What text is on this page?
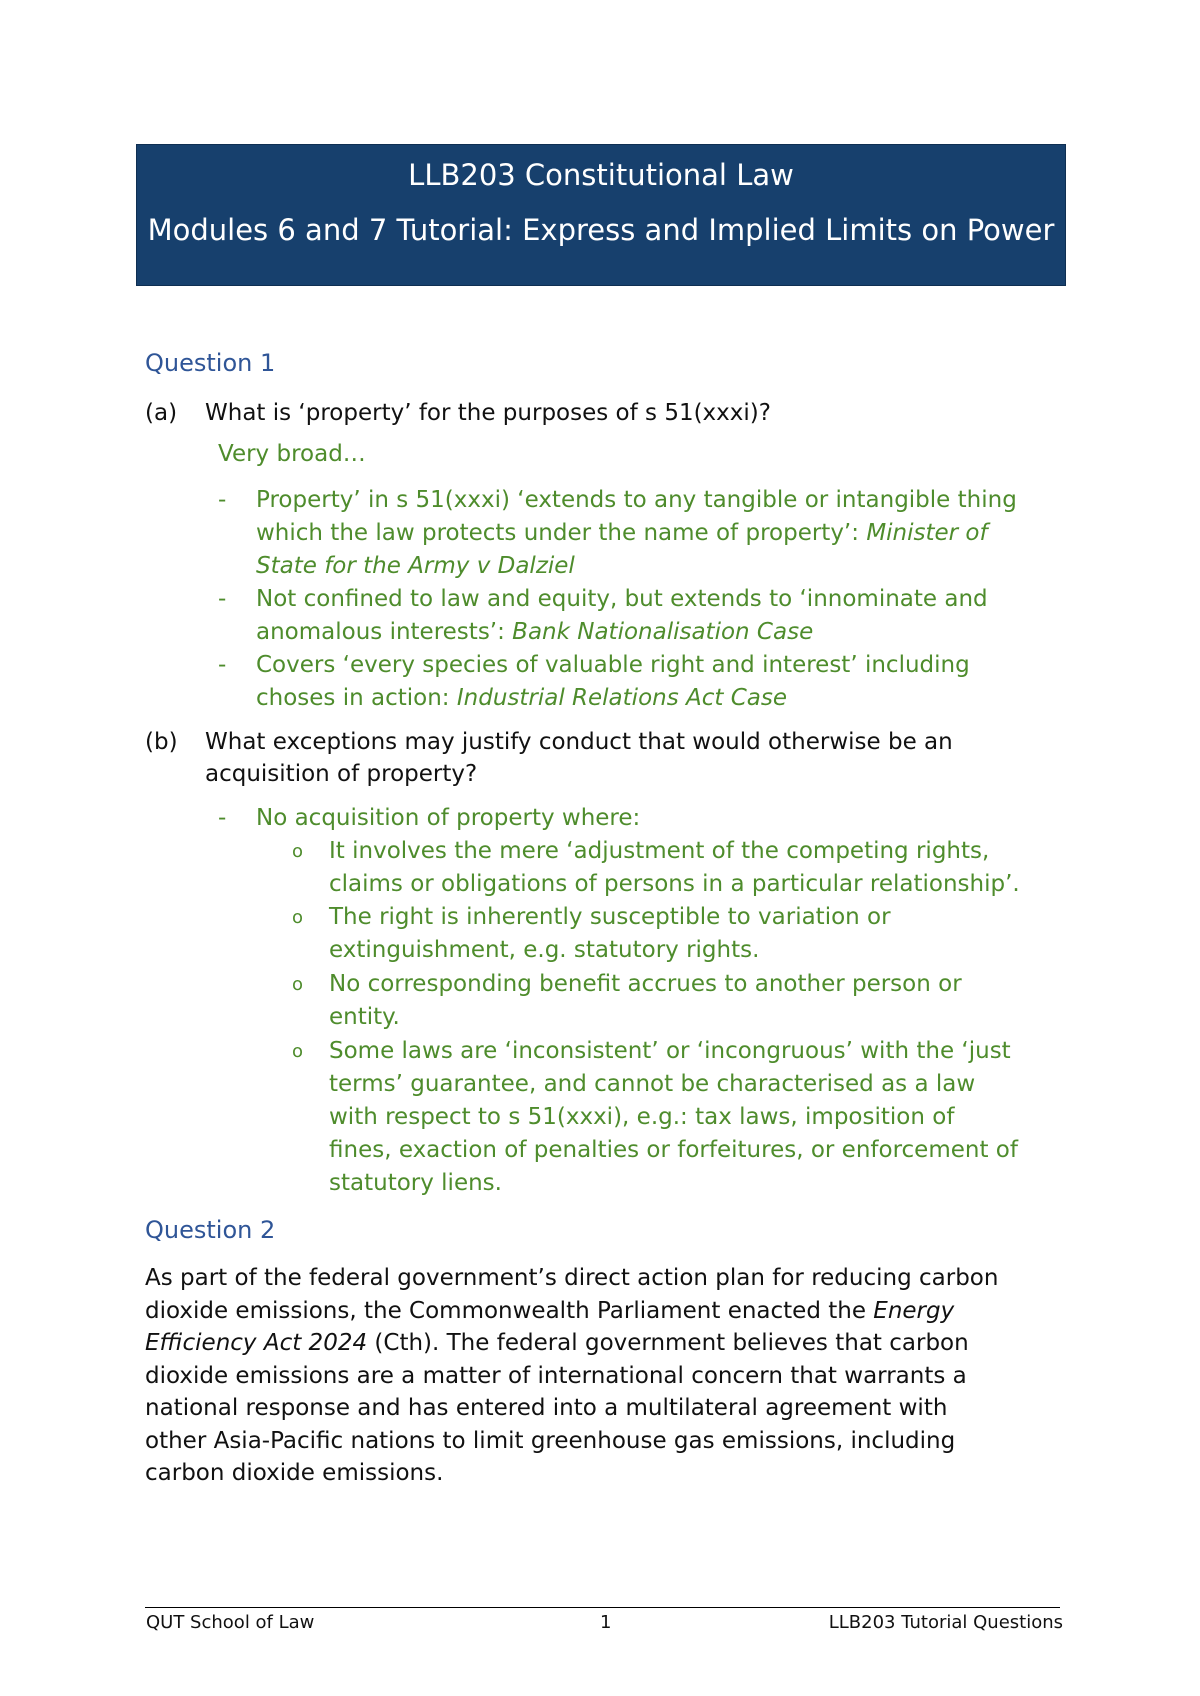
LLB203 Constitutional Law
Modules 6 and 7 Tutorial: Express and Implied Limits on Power
Question 1
(a) What is ‘property’ for the purposes of s 51(xxxi)?
Very broad…
- Property’ in s 51(xxxi) ‘extends to any tangible or intangible thing
which the law protects under the name of property’: Minister of
State for the Army v Dalziel
- Not confined to law and equity, but extends to ‘innominate and
anomalous interests’: Bank Nationalisation Case
- Covers ‘every species of valuable right and interest’ including
choses in action: Industrial Relations Act Case
(b) What exceptions may justify conduct that would otherwise be an
acquisition of property?
- No acquisition of property where:
o It involves the mere ‘adjustment of the competing rights,
claims or obligations of persons in a particular relationship’.
o The right is inherently susceptible to variation or
extinguishment, e.g. statutory rights.
o No corresponding benefit accrues to another person or
entity.
o Some laws are ‘inconsistent’ or ‘incongruous’ with the ‘just
terms’ guarantee, and cannot be characterised as a law
with respect to s 51(xxxi), e.g.: tax laws, imposition of
fines, exaction of penalties or forfeitures, or enforcement of
statutory liens.
Question 2
As part of the federal government’s direct action plan for reducing carbon
dioxide emissions, the Commonwealth Parliament enacted the Energy
Efficiency Act 2024 (Cth). The federal government believes that carbon
dioxide emissions are a matter of international concern that warrants a
national response and has entered into a multilateral agreement with
other Asia-Pacific nations to limit greenhouse gas emissions, including
carbon dioxide emissions.
QUT School of Law	1	LLB203 Tutorial Questions
